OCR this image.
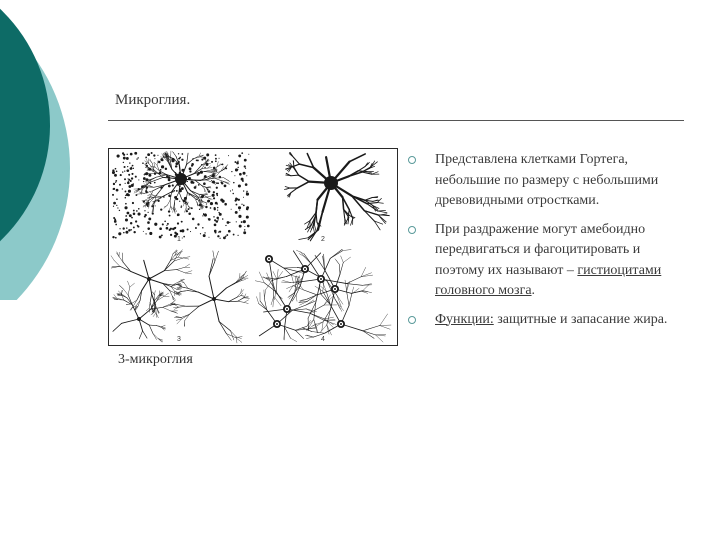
Микроглия.
1	2
3	4
3-микроглия
Представлена клетками Гортега, небольшие по размеру с небольшими древовидными отростками.
При раздражение могут амебоидно передвигаться и фагоцитировать и поэтому их называют – гистиоцитами головного мозга.
Функции: защитные и запасание жира.
